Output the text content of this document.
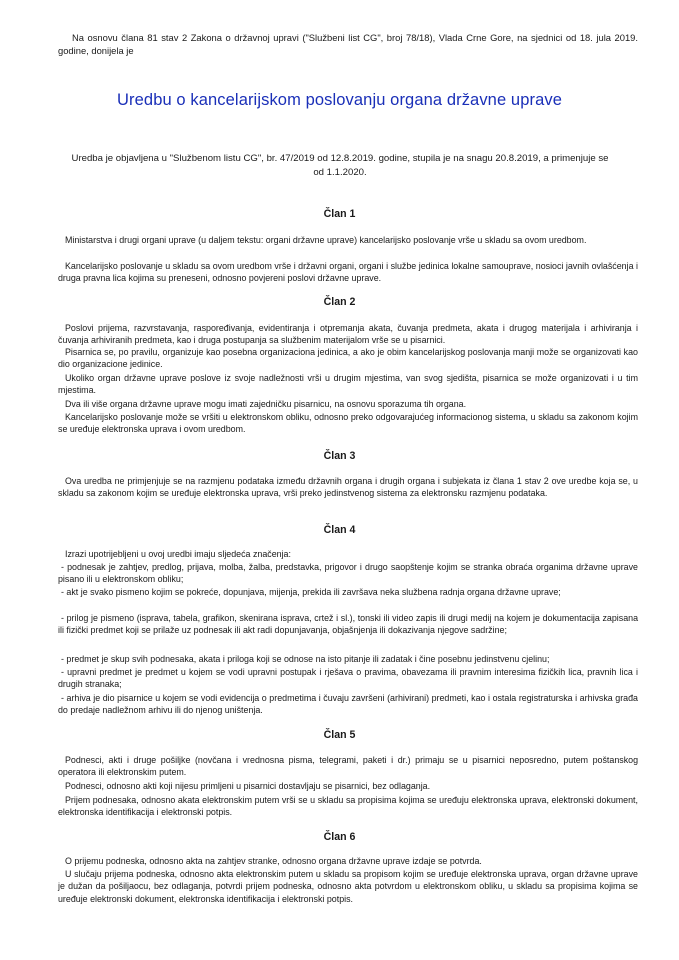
Na osnovu člana 81 stav 2 Zakona o državnoj upravi ("Službeni list CG", broj 78/18), Vlada Crne Gore, na sjednici od 18. jula 2019. godine, donijela je
Uredbu o kancelarijskom poslovanju organa državne uprave
Uredba je objavljena u "Službenom listu CG", br. 47/2019 od 12.8.2019. godine, stupila je na snagu 20.8.2019, a primenjuje se od 1.1.2020.
Član 1
Ministarstva i drugi organi uprave (u daljem tekstu: organi državne uprave) kancelarijsko poslovanje vrše u skladu sa ovom uredbom.
Kancelarijsko poslovanje u skladu sa ovom uredbom vrše i državni organi, organi i službe jedinica lokalne samouprave, nosioci javnih ovlašćenja i druga pravna lica kojima su preneseni, odnosno povjereni poslovi državne uprave.
Član 2
Poslovi prijema, razvrstavanja, raspoređivanja, evidentiranja i otpremanja akata, čuvanja predmeta, akata i drugog materijala i arhiviranja i čuvanja arhiviranih predmeta, kao i druga postupanja sa službenim materijalom vrše se u pisarnici.
Pisarnica se, po pravilu, organizuje kao posebna organizaciona jedinica, a ako je obim kancelarijskog poslovanja manji može se organizovati kao dio organizacione jedinice.
Ukoliko organ državne uprave poslove iz svoje nadležnosti vrši u drugim mjestima, van svog sjedišta, pisarnica se može organizovati i u tim mjestima.
Dva ili više organa državne uprave mogu imati zajedničku pisarnicu, na osnovu sporazuma tih organa.
Kancelarijsko poslovanje može se vršiti u elektronskom obliku, odnosno preko odgovarajućeg informacionog sistema, u skladu sa zakonom kojim se uređuje elektronska uprava i ovom uredbom.
Član 3
Ova uredba ne primjenjuje se na razmjenu podataka između državnih organa i drugih organa i subjekata iz člana 1 stav 2 ove uredbe koja se, u skladu sa zakonom kojim se uređuje elektronska uprava, vrši preko jedinstvenog sistema za elektronsku razmjenu podataka.
Član 4
Izrazi upotrijebljeni u ovoj uredbi imaju sljedeća značenja:
- podnesak je zahtjev, predlog, prijava, molba, žalba, predstavka, prigovor i drugo saopštenje kojim se stranka obraća organima državne uprave pisano ili u elektronskom obliku;
- akt je svako pismeno kojim se pokreće, dopunjava, mijenja, prekida ili završava neka službena radnja organa državne uprave;
- prilog je pismeno (isprava, tabela, grafikon, skenirana isprava, crtež i sl.), tonski ili video zapis ili drugi medij na kojem je dokumentacija zapisana ili fizički predmet koji se prilaže uz podnesak ili akt radi dopunjavanja, objašnjenja ili dokazivanja njegove sadržine;
- predmet je skup svih podnesaka, akata i priloga koji se odnose na isto pitanje ili zadatak i čine posebnu jedinstvenu cjelinu;
- upravni predmet je predmet u kojem se vodi upravni postupak i rješava o pravima, obavezama ili pravnim interesima fizičkih lica, pravnih lica i drugih stranaka;
- arhiva je dio pisarnice u kojem se vodi evidencija o predmetima i čuvaju završeni (arhivirani) predmeti, kao i ostala registraturska i arhivska građa do predaje nadležnom arhivu ili do njenog uništenja.
Član 5
Podnesci, akti i druge pošiljke (novčana i vrednosna pisma, telegrami, paketi i dr.) primaju se u pisarnici neposredno, putem poštanskog operatora ili elektronskim putem.
Podnesci, odnosno akti koji nijesu primljeni u pisarnici dostavljaju se pisarnici, bez odlaganja.
Prijem podnesaka, odnosno akata elektronskim putem vrši se u skladu sa propisima kojima se uređuju elektronska uprava, elektronski dokument, elektronska identifikacija i elektronski potpis.
Član 6
O prijemu podneska, odnosno akta na zahtjev stranke, odnosno organa državne uprave izdaje se potvrda.
U slučaju prijema podneska, odnosno akta elektronskim putem u skladu sa propisom kojim se uređuje elektronska uprava, organ državne uprave je dužan da pošiljaocu, bez odlaganja, potvrdi prijem podneska, odnosno akta potvrdom u elektronskom obliku, u skladu sa propisima kojima se uređuje elektronski dokument, elektronska identifikacija i elektronski potpis.
